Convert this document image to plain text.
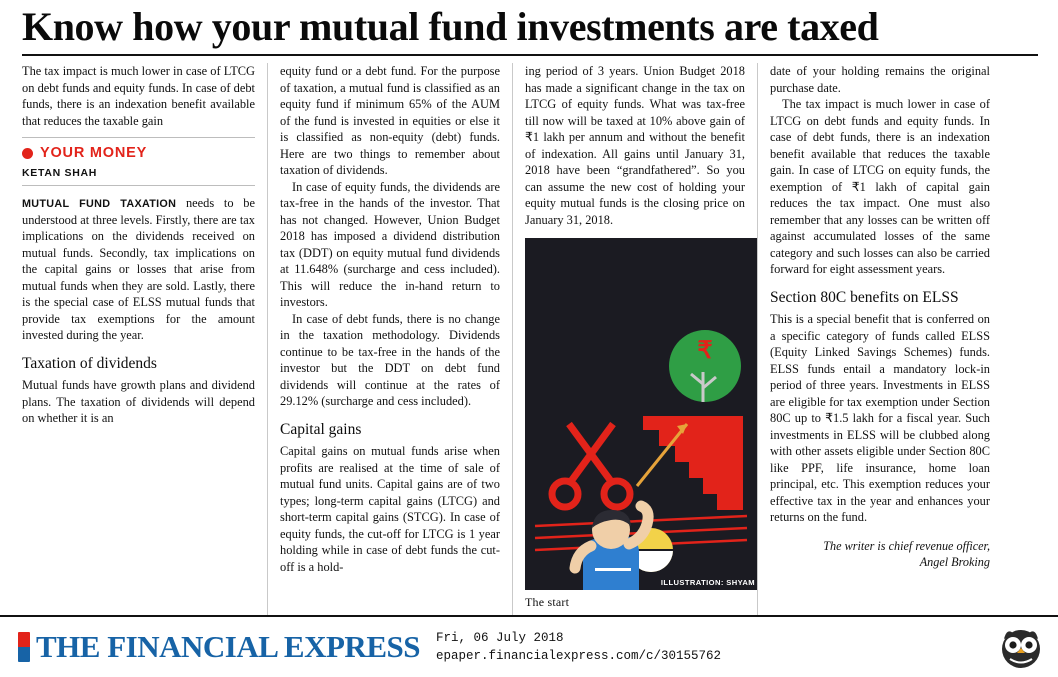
Know how your mutual fund investments are taxed
The tax impact is much lower in case of LTCG on debt funds and equity funds. In case of debt funds, there is an indexation benefit available that reduces the taxable gain
YOUR MONEY
KETAN SHAH

MUTUAL FUND TAXATION needs to be understood at three levels. Firstly, there are tax implications on the dividends received on mutual funds. Secondly, tax implications on the capital gains or losses that arise from mutual funds when they are sold. Lastly, there is the special case of ELSS mutual funds that provide tax exemptions for the amount invested during the year.

Taxation of dividends

Mutual funds have growth plans and dividend plans. The taxation of dividends will depend on whether it is an

equity fund or a debt fund. For the purpose of taxation, a mutual fund is classified as an equity fund if minimum 65% of the AUM of the fund is invested in equities or else it is classified as non-equity (debt) funds. Here are two things to remember about taxation of dividends.

In case of equity funds, the dividends are tax-free in the hands of the investor. That has not changed. However, Union Budget 2018 has imposed a dividend distribution tax (DDT) on equity mutual fund dividends at 11.648% (surcharge and cess included). This will reduce the in-hand return to investors.

In case of debt funds, there is no change in the taxation methodology. Dividends continue to be tax-free in the hands of the investor but the DDT on debt fund dividends will continue at the rates of 29.12% (surcharge and cess included).

Capital gains

Capital gains on mutual funds arise when profits are realised at the time of sale of mutual fund units. Capital gains are of two types; long-term capital gains (LTCG) and short-term capital gains (STCG). In case of equity funds, the cut-off for LTCG is 1 year holding while in case of debt funds the cut-off is a hold-

ing period of 3 years. Union Budget 2018 has made a significant change in the tax on LTCG of equity funds. What was tax-free till now will be taxed at 10% above gain of ₹1 lakh per annum and without the benefit of indexation. All gains until January 31, 2018 have been “grandfathered”. So you can assume the new cost of holding your equity mutual funds is the closing price on January 31, 2018.

₹
ILLUSTRATION: SHYAM
The start

date of your holding remains the original purchase date.

The tax impact is much lower in case of LTCG on debt funds and equity funds. In case of debt funds, there is an indexation benefit available that reduces the taxable gain. In case of LTCG on equity funds, the exemption of ₹1 lakh of capital gain reduces the tax impact. One must also remember that any losses can be written off against accumulated losses of the same category and such losses can also be carried forward for eight assessment years.

Section 80C benefits on ELSS

This is a special benefit that is conferred on a specific category of funds called ELSS (Equity Linked Savings Schemes) funds. ELSS funds entail a mandatory lock-in period of three years. Investments in ELSS are eligible for tax exemption under Section 80C up to ₹1.5 lakh for a fiscal year. Such investments in ELSS will be clubbed along with other assets eligible under Section 80C like PPF, life insurance, home loan principal, etc. This exemption reduces your effective tax in the year and enhances your returns on the fund.

The writer is chief revenue officer,
Angel Broking
THE FINANCIAL EXPRESS Fri, 06 July 2018
epaper.financialexpress.com/c/30155762
